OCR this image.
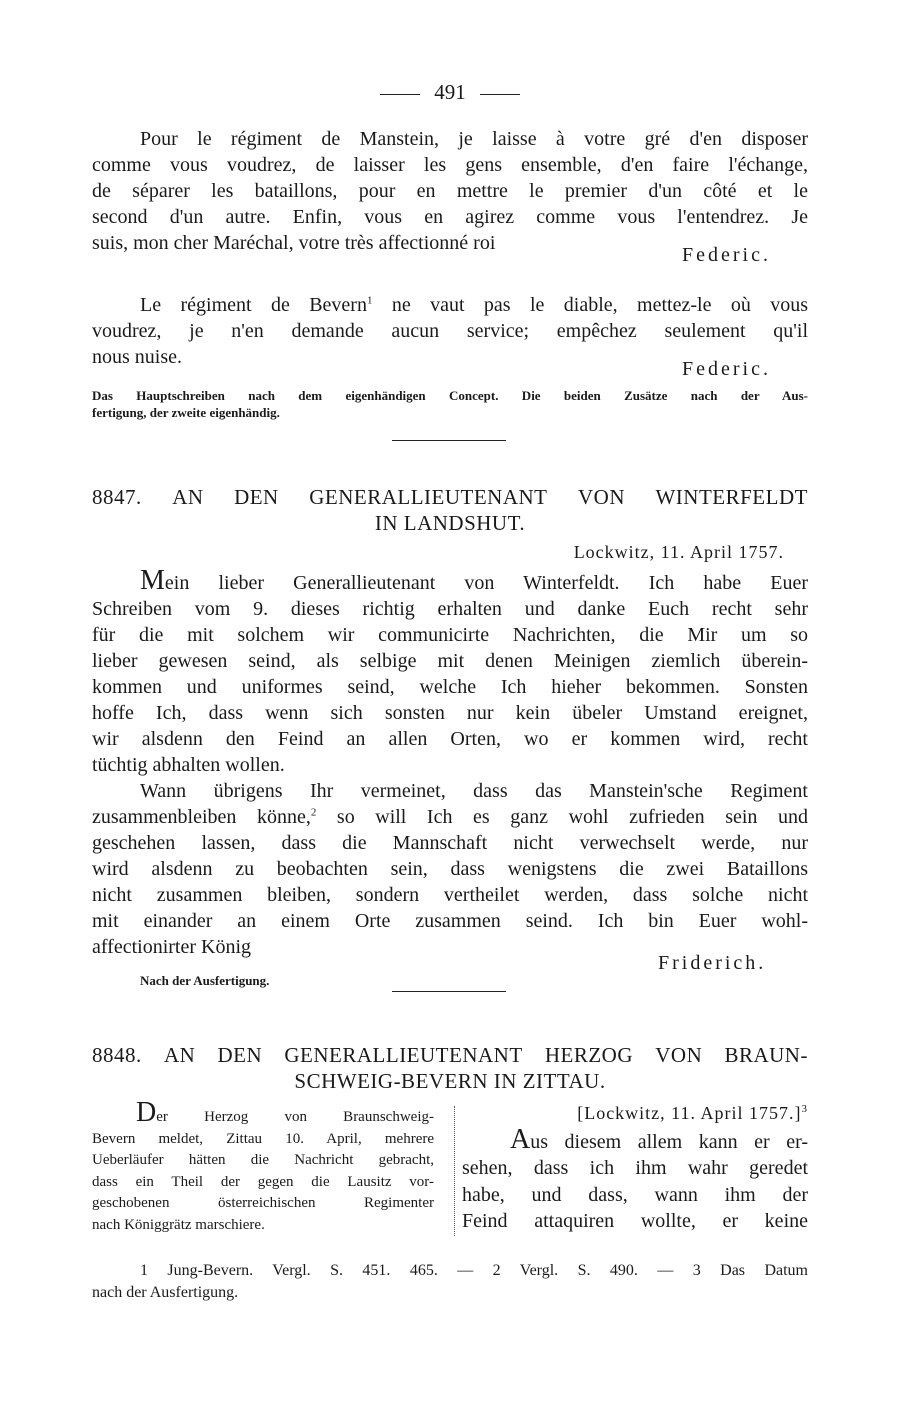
491

Pour le régiment de Manstein, je laisse à votre gré d'en disposer
comme vous voudrez, de laisser les gens ensemble, d'en faire l'échange,
de séparer les bataillons, pour en mettre le premier d'un côté et le
second d'un autre. Enfin, vous en agirez comme vous l'entendrez. Je
suis, mon cher Maréchal, votre très affectionné roi

Federic.

Le régiment de Bevern$^1$ ne vaut pas le diable, mettez-le où vous
voudrez, je n'en demande aucun service; empêchez seulement qu'il
nous nuise.

Federic.

Das Hauptschreiben nach dem eigenhändigen Concept. Die beiden Zusätze nach der Aus-
fertigung, der zweite eigenhändig.

8847. AN DEN GENERALLIEUTENANT VON WINTERFELDT
IN LANDSHUT.
Lockwitz, 11. April 1757.

Mein lieber Generallieutenant von Winterfeldt. Ich habe Euer
Schreiben vom 9. dieses richtig erhalten und danke Euch recht sehr
für die mit solchem wir communicirte Nachrichten, die Mir um so
lieber gewesen seind, als selbige mit denen Meinigen ziemlich überein-
kommen und uniformes seind, welche Ich hieher bekommen. Sonsten
hoffe Ich, dass wenn sich sonsten nur kein übeler Umstand ereignet,
wir alsdenn den Feind an allen Orten, wo er kommen wird, recht
tüchtig abhalten wollen.

Wann übrigens Ihr vermeinet, dass das Manstein'sche Regiment
zusammenbleiben könne,$^2$ so will Ich es ganz wohl zufrieden sein und
geschehen lassen, dass die Mannschaft nicht verwechselt werde, nur
wird alsdenn zu beobachten sein, dass wenigstens die zwei Bataillons
nicht zusammen bleiben, sondern vertheilet werden, dass solche nicht
mit einander an einem Orte zusammen seind. Ich bin Euer wohl-
affectionirter König

Friderich.
Nach der Ausfertigung.
8848. AN DEN GENERALLIEUTENANT HERZOG VON BRAUN-
SCHWEIG-BEVERN IN ZITTAU.

Der Herzog von Braunschweig-
Bevern meldet, Zittau 10. April, mehrere
Ueberläufer hätten die Nachricht gebracht,
dass ein Theil der gegen die Lausitz vor-
geschobenen österreichischen Regimenter
nach Königgrätz marschiere.

[Lockwitz, 11. April 1757.]$^3$
Aus diesem allem kann er er-
sehen, dass ich ihm wahr geredet
habe, und dass, wann ihm der
Feind attaquiren wollte, er keine

1 Jung-Bevern. Vergl. S. 451. 465. — 2 Vergl. S. 490. — 3 Das Datum
nach der Ausfertigung.
